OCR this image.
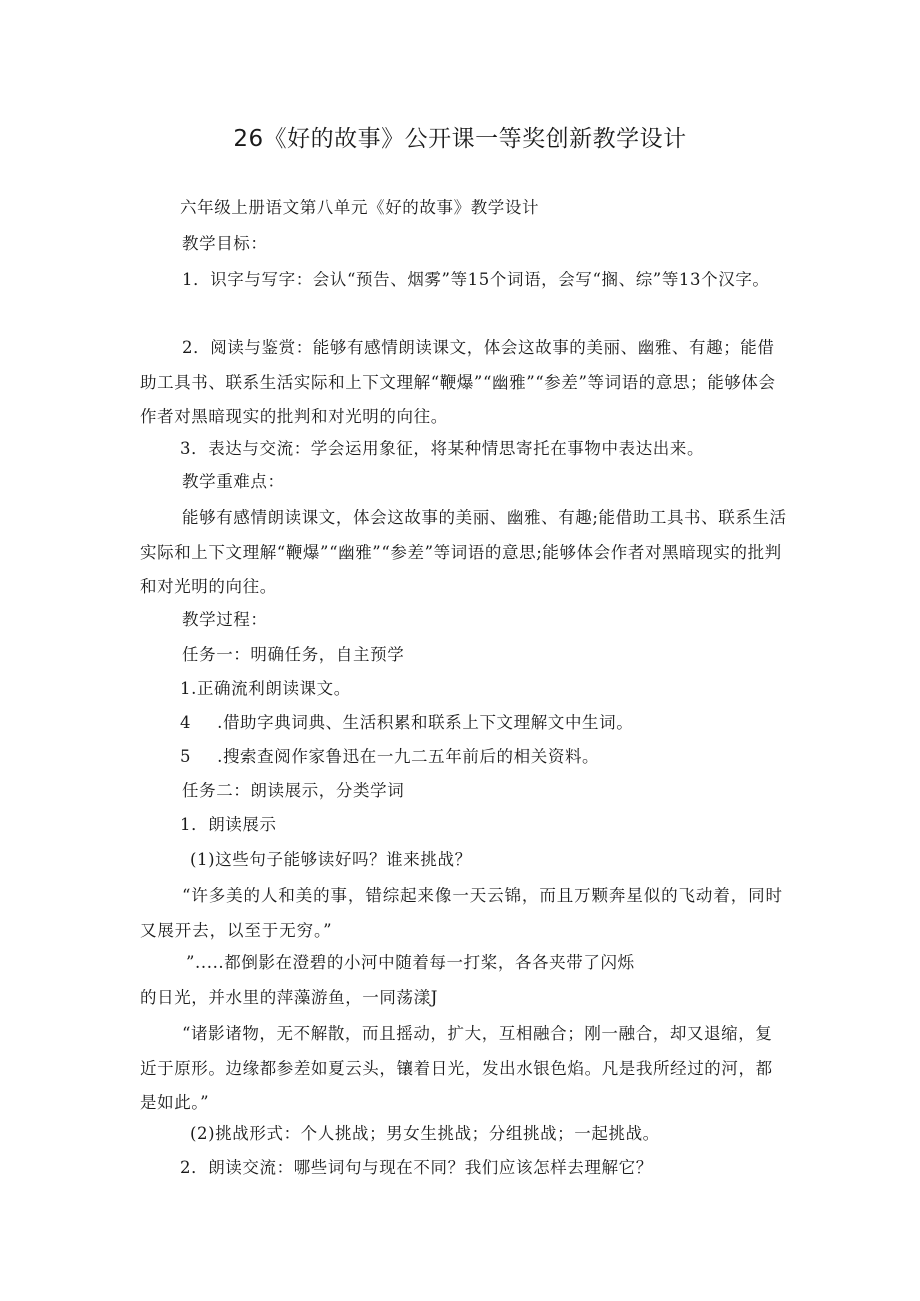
26《好的故事》公开课一等奖创新教学设计
六年级上册语文第八单元《好的故事》教学设计
教学目标：
1．识字与写字：会认“预告、烟雾”等15个词语，会写“搁、综”等13个汉字。
2．阅读与鉴赏：能够有感情朗读课文，体会这故事的美丽、幽雅、有趣；能借助工具书、联系生活实际和上下文理解“鞭爆”“幽雅”“参差”等词语的意思；能够体会作者对黑暗现实的批判和对光明的向往。
3．表达与交流：学会运用象征，将某种情思寄托在事物中表达出来。
教学重难点：
能够有感情朗读课文，体会这故事的美丽、幽雅、有趣;能借助工具书、联系生活实际和上下文理解“鞭爆”“幽雅”“参差”等词语的意思;能够体会作者对黑暗现实的批判和对光明的向往。
教学过程：
任务一：明确任务，自主预学
1.正确流利朗读课文。
4 .借助字典词典、生活积累和联系上下文理解文中生词。
5 .搜索查阅作家鲁迅在一九二五年前后的相关资料。
任务二：朗读展示，分类学词
1．朗读展示
(1)这些句子能够读好吗？谁来挑战？
“许多美的人和美的事，错综起来像一天云锦，而且万颗奔星似的飞动着，同时又展开去，以至于无穷。”
”.....都倒影在澄碧的小河中随着每一打桨，各各夹带了闪烁
的日光，并水里的萍藻游鱼，一同荡漾J
“诸影诸物，无不解散，而且摇动，扩大，互相融合；刚一融合，却又退缩，复近于原形。边缘都参差如夏云头，镶着日光，发出水银色焰。凡是我所经过的河，都是如此。”
(2)挑战形式：个人挑战；男女生挑战；分组挑战；一起挑战。
2．朗读交流：哪些词句与现在不同？我们应该怎样去理解它？
